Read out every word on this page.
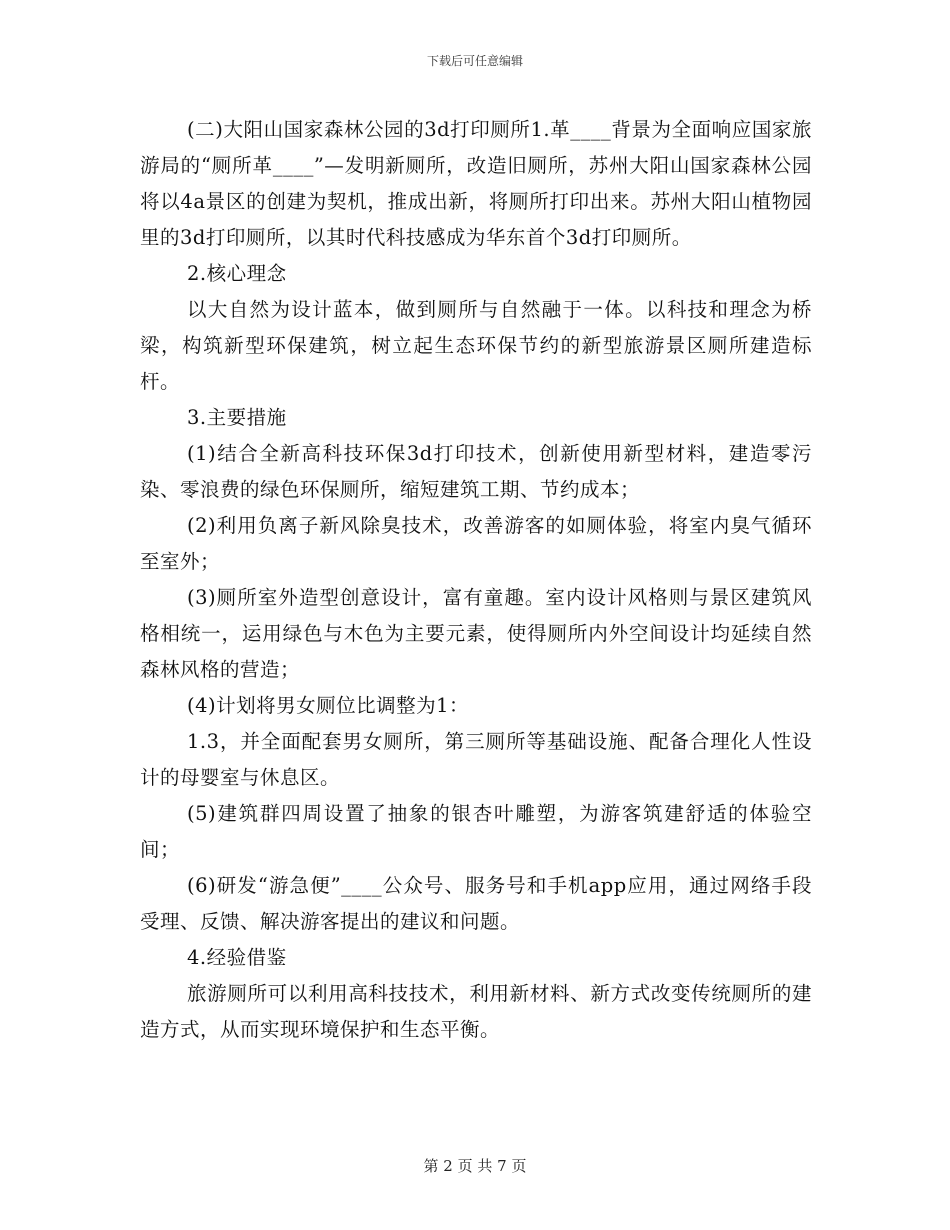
下载后可任意编辑

(二)大阳山国家森林公园的3d打印厕所1.革____背景为全面响应国家旅游局的“厕所革____”—发明新厕所，改造旧厕所，苏州大阳山国家森林公园将以4a景区的创建为契机，推成出新，将厕所打印出来。苏州大阳山植物园里的3d打印厕所，以其时代科技感成为华东首个3d打印厕所。

2.核心理念

以大自然为设计蓝本，做到厕所与自然融于一体。以科技和理念为桥梁，构筑新型环保建筑，树立起生态环保节约的新型旅游景区厕所建造标杆。

3.主要措施

(1)结合全新高科技环保3d打印技术，创新使用新型材料，建造零污染、零浪费的绿色环保厕所，缩短建筑工期、节约成本；

(2)利用负离子新风除臭技术，改善游客的如厕体验，将室内臭气循环至室外；

(3)厕所室外造型创意设计，富有童趣。室内设计风格则与景区建筑风格相统一，运用绿色与木色为主要元素，使得厕所内外空间设计均延续自然森林风格的营造；

(4)计划将男女厕位比调整为1：

1.3，并全面配套男女厕所，第三厕所等基础设施、配备合理化人性设计的母婴室与休息区。

(5)建筑群四周设置了抽象的银杏叶雕塑，为游客筑建舒适的体验空间；

(6)研发“游急便”____公众号、服务号和手机app应用，通过网络手段受理、反馈、解决游客提出的建议和问题。

4.经验借鉴

旅游厕所可以利用高科技技术，利用新材料、新方式改变传统厕所的建造方式，从而实现环境保护和生态平衡。

第 2 页 共 7 页
